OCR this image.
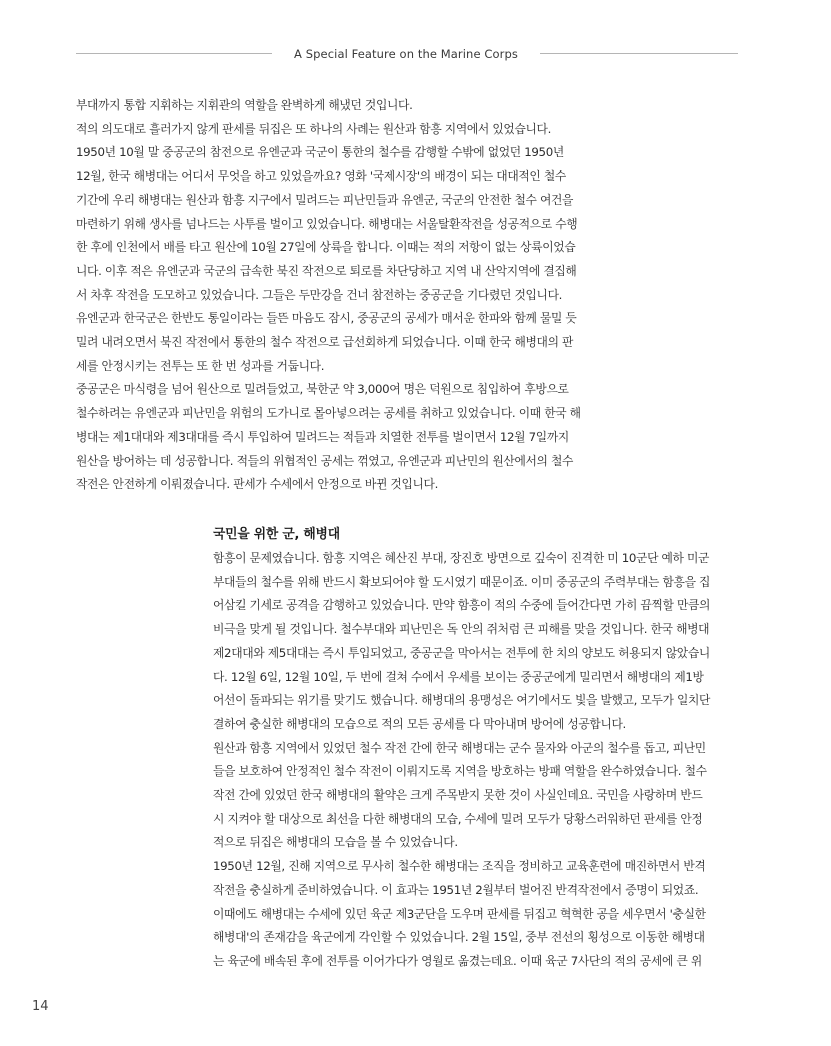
A Special Feature on the Marine Corps

부대까지 통합 지휘하는 지휘관의 역할을 완벽하게 해냈던 것입니다.
적의 의도대로 흘러가지 않게 판세를 뒤집은 또 하나의 사례는 원산과 함흥 지역에서 있었습니다.
1950년 10월 말 중공군의 참전으로 유엔군과 국군이 통한의 철수를 감행할 수밖에 없었던 1950년
12월, 한국 해병대는 어디서 무엇을 하고 있었을까요? 영화 '국제시장'의 배경이 되는 대대적인 철수
기간에 우리 해병대는 원산과 함흥 지구에서 밀려드는 피난민들과 유엔군, 국군의 안전한 철수 여건을
마련하기 위해 생사를 넘나드는 사투를 벌이고 있었습니다. 해병대는 서울탈환작전을 성공적으로 수행
한 후에 인천에서 배를 타고 원산에 10월 27일에 상륙을 합니다. 이때는 적의 저항이 없는 상륙이었습
니다. 이후 적은 유엔군과 국군의 급속한 북진 작전으로 퇴로를 차단당하고 지역 내 산악지역에 결집해
서 차후 작전을 도모하고 있었습니다. 그들은 두만강을 건너 참전하는 중공군을 기다렸던 것입니다.
유엔군과 한국군은 한반도 통일이라는 들뜬 마음도 잠시, 중공군의 공세가 매서운 한파와 함께 물밀 듯
밀려 내려오면서 북진 작전에서 통한의 철수 작전으로 급선회하게 되었습니다. 이때 한국 해병대의 판
세를 안정시키는 전투는 또 한 번 성과를 거둡니다.
중공군은 마식령을 넘어 원산으로 밀려들었고, 북한군 약 3,000여 명은 덕원으로 침입하여 후방으로
철수하려는 유엔군과 피난민을 위험의 도가니로 몰아넣으려는 공세를 취하고 있었습니다. 이때 한국 해
병대는 제1대대와 제3대대를 즉시 투입하여 밀려드는 적들과 치열한 전투를 벌이면서 12월 7일까지
원산을 방어하는 데 성공합니다. 적들의 위협적인 공세는 꺾였고, 유엔군과 피난민의 원산에서의 철수
작전은 안전하게 이뤄졌습니다. 판세가 수세에서 안정으로 바뀐 것입니다.

국민을 위한 군, 해병대

함흥이 문제였습니다. 함흥 지역은 혜산진 부대, 장진호 방면으로 깊숙이 진격한 미 10군단 예하 미군
부대들의 철수를 위해 반드시 확보되어야 할 도시였기 때문이죠. 이미 중공군의 주력부대는 함흥을 집
어삼킬 기세로 공격을 감행하고 있었습니다. 만약 함흥이 적의 수중에 들어간다면 가히 끔찍할 만큼의
비극을 맞게 될 것입니다. 철수부대와 피난민은 독 안의 쥐처럼 큰 피해를 맞을 것입니다. 한국 해병대
제2대대와 제5대대는 즉시 투입되었고, 중공군을 막아서는 전투에 한 치의 양보도 허용되지 않았습니
다. 12월 6일, 12월 10일, 두 번에 걸쳐 수에서 우세를 보이는 중공군에게 밀리면서 해병대의 제1방
어선이 돌파되는 위기를 맞기도 했습니다. 해병대의 용맹성은 여기에서도 빛을 발했고, 모두가 일치단
결하여 충실한 해병대의 모습으로 적의 모든 공세를 다 막아내며 방어에 성공합니다.
원산과 함흥 지역에서 있었던 철수 작전 간에 한국 해병대는 군수 물자와 아군의 철수를 돕고, 피난민
들을 보호하여 안정적인 철수 작전이 이뤄지도록 지역을 방호하는 방패 역할을 완수하였습니다. 철수
작전 간에 있었던 한국 해병대의 활약은 크게 주목받지 못한 것이 사실인데요. 국민을 사랑하며 반드
시 지켜야 할 대상으로 최선을 다한 해병대의 모습, 수세에 밀려 모두가 당황스러워하던 판세를 안정
적으로 뒤집은 해병대의 모습을 볼 수 있었습니다.
1950년 12월, 진해 지역으로 무사히 철수한 해병대는 조직을 정비하고 교육훈련에 매진하면서 반격
작전을 충실하게 준비하였습니다. 이 효과는 1951년 2월부터 벌어진 반격작전에서 증명이 되었죠.
이때에도 해병대는 수세에 있던 육군 제3군단을 도우며 판세를 뒤집고 혁혁한 공을 세우면서 '충실한
해병대'의 존재감을 육군에게 각인할 수 있었습니다. 2월 15일, 중부 전선의 횡성으로 이동한 해병대
는 육군에 배속된 후에 전투를 이어가다가 영월로 옮겼는데요. 이때 육군 7사단의 적의 공세에 큰 위

14
